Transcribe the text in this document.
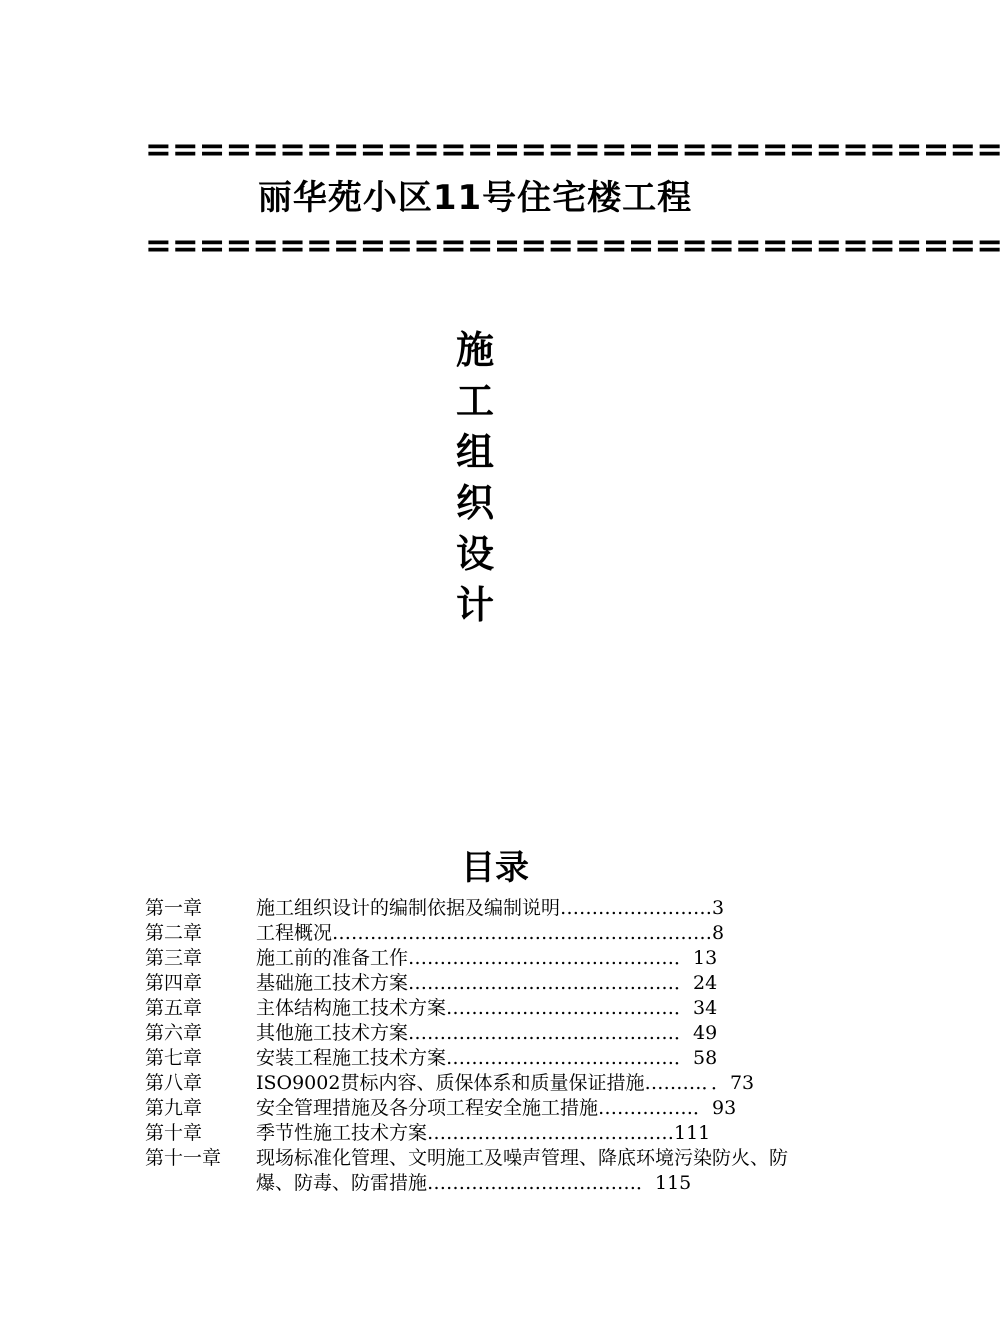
================================
丽华苑小区11号住宅楼工程
================================
施
工
组
织
设
计
目录
第一章	施工组织设计的编制依据及编制说明……………………3
第二章	工程概况……………………………………………………8
第三章	施工前的准备工作……………………………………．13
第四章	基础施工技术方案……………………………………．24
第五章	主体结构施工技术方案………………………………．34
第六章	其他施工技术方案……………………………………．49
第七章	安装工程施工技术方案………………………………．58
第八章	ISO9002贯标内容、质保体系和质量保证措施………．．73
第九章	安全管理措施及各分项工程安全施工措施……………．93
第十章	季节性施工技术方案…………………………………111
第十一章	现场标准化管理、文明施工及噪声管理、降底环境污染防火、防爆、防毒、防雷措施……………………………．115
